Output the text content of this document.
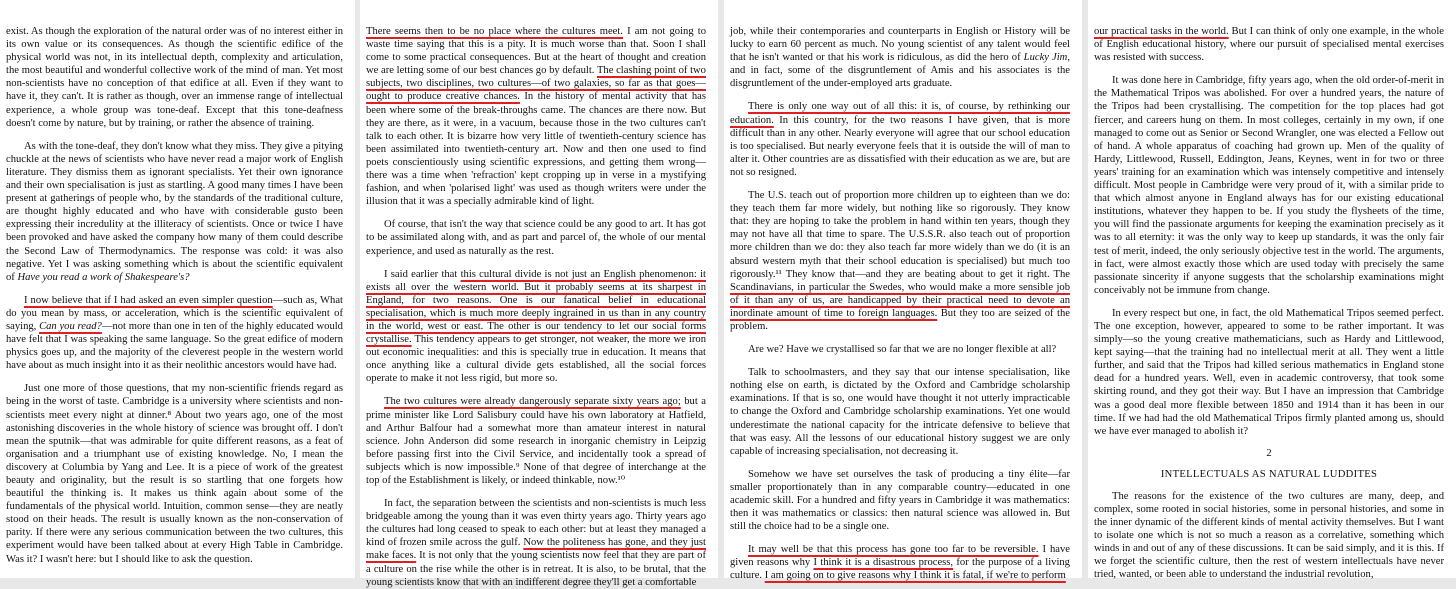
exist. As though the exploration of the natural order was of no interest either in its own value or its consequences. As though the scientific edifice of the physical world was not, in its intellectual depth, complexity and articulation, the most beautiful and wonderful collective work of the mind of man. Yet most non-scientists have no conception of that edifice at all. Even if they want to have it, they can't. It is rather as though, over an immense range of intellectual experience, a whole group was tone-deaf. Except that this tone-deafness doesn't come by nature, but by training, or rather the absence of training.

As with the tone-deaf, they don't know what they miss. They give a pitying chuckle at the news of scientists who have never read a major work of English literature. They dismiss them as ignorant specialists. Yet their own ignorance and their own specialisation is just as startling. A good many times I have been present at gatherings of people who, by the standards of the traditional culture, are thought highly educated and who have with considerable gusto been expressing their incredulity at the illiteracy of scientists. Once or twice I have been provoked and have asked the company how many of them could describe the Second Law of Thermodynamics. The response was cold: it was also negative. Yet I was asking something which is about the scientific equivalent of Have you read a work of Shakespeare's?

I now believe that if I had asked an even simpler question—such as, What do you mean by mass, or acceleration, which is the scientific equivalent of saying, Can you read?—not more than one in ten of the highly educated would have felt that I was speaking the same language. So the great edifice of modern physics goes up, and the majority of the cleverest people in the western world have about as much insight into it as their neolithic ancestors would have had.

Just one more of those questions, that my non-scientific friends regard as being in the worst of taste. Cambridge is a university where scientists and non-scientists meet every night at dinner.⁸ About two years ago, one of the most astonishing discoveries in the whole history of science was brought off. I don't mean the sputnik—that was admirable for quite different reasons, as a feat of organisation and a triumphant use of existing knowledge. No, I mean the discovery at Columbia by Yang and Lee. It is a piece of work of the greatest beauty and originality, but the result is so startling that one forgets how beautiful the thinking is. It makes us think again about some of the fundamentals of the physical world. Intuition, common sense—they are neatly stood on their heads. The result is usually known as the non-conservation of parity. If there were any serious communication between the two cultures, this experiment would have been talked about at every High Table in Cambridge. Was it? I wasn't here: but I should like to ask the question.

There seems then to be no place where the cultures meet. I am not going to waste time saying that this is a pity. It is much worse than that. Soon I shall come to some practical consequences. But at the heart of thought and creation we are letting some of our best chances go by default. The clashing point of two subjects, two disciplines, two cultures—of two galaxies, so far as that goes—ought to produce creative chances. In the history of mental activity that has been where some of the break-throughs came. The chances are there now. But they are there, as it were, in a vacuum, because those in the two cultures can't talk to each other. It is bizarre how very little of twentieth-century science has been assimilated into twentieth-century art. Now and then one used to find poets conscientiously using scientific expressions, and getting them wrong—there was a time when 'refraction' kept cropping up in verse in a mystifying fashion, and when 'polarised light' was used as though writers were under the illusion that it was a specially admirable kind of light.

Of course, that isn't the way that science could be any good to art. It has got to be assimilated along with, and as part and parcel of, the whole of our mental experience, and used as naturally as the rest.

I said earlier that this cultural divide is not just an English phenomenon: it exists all over the western world. But it probably seems at its sharpest in England, for two reasons. One is our fanatical belief in educational specialisation, which is much more deeply ingrained in us than in any country in the world, west or east. The other is our tendency to let our social forms crystallise. This tendency appears to get stronger, not weaker, the more we iron out economic inequalities: and this is specially true in education. It means that once anything like a cultural divide gets established, all the social forces operate to make it not less rigid, but more so.

The two cultures were already dangerously separate sixty years ago; but a prime minister like Lord Salisbury could have his own laboratory at Hatfield, and Arthur Balfour had a somewhat more than amateur interest in natural science. John Anderson did some research in inorganic chemistry in Leipzig before passing first into the Civil Service, and incidentally took a spread of subjects which is now impossible.⁹ None of that degree of interchange at the top of the Establishment is likely, or indeed thinkable, now.¹⁰

In fact, the separation between the scientists and non-scientists is much less bridgeable among the young than it was even thirty years ago. Thirty years ago the cultures had long ceased to speak to each other: but at least they managed a kind of frozen smile across the gulf. Now the politeness has gone, and they just make faces. It is not only that the young scientists now feel that they are part of a culture on the rise while the other is in retreat. It is also, to be brutal, that the young scientists know that with an indifferent degree they'll get a comfortable

job, while their contemporaries and counterparts in English or History will be lucky to earn 60 percent as much. No young scientist of any talent would feel that he isn't wanted or that his work is ridiculous, as did the hero of Lucky Jim, and in fact, some of the disgruntlement of Amis and his associates is the disgruntlement of the under-employed arts graduate.

There is only one way out of all this: it is, of course, by rethinking our education. In this country, for the two reasons I have given, that is more difficult than in any other. Nearly everyone will agree that our school education is too specialised. But nearly everyone feels that it is outside the will of man to alter it. Other countries are as dissatisfied with their education as we are, but are not so resigned.

The U.S. teach out of proportion more children up to eighteen than we do: they teach them far more widely, but nothing like so rigorously. They know that: they are hoping to take the problem in hand within ten years, though they may not have all that time to spare. The U.S.S.R. also teach out of proportion more children than we do: they also teach far more widely than we do (it is an absurd western myth that their school education is specialised) but much too rigorously.¹¹ They know that—and they are beating about to get it right. The Scandinavians, in particular the Swedes, who would make a more sensible job of it than any of us, are handicapped by their practical need to devote an inordinate amount of time to foreign languages. But they too are seized of the problem.

Are we? Have we crystallised so far that we are no longer flexible at all?

Talk to schoolmasters, and they say that our intense specialisation, like nothing else on earth, is dictated by the Oxford and Cambridge scholarship examinations. If that is so, one would have thought it not utterly impracticable to change the Oxford and Cambridge scholarship examinations. Yet one would underestimate the national capacity for the intricate defensive to believe that that was easy. All the lessons of our educational history suggest we are only capable of increasing specialisation, not decreasing it.

Somehow we have set ourselves the task of producing a tiny élite—far smaller proportionately than in any comparable country—educated in one academic skill. For a hundred and fifty years in Cambridge it was mathematics: then it was mathematics or classics: then natural science was allowed in. But still the choice had to be a single one.

It may well be that this process has gone too far to be reversible. I have given reasons why I think it is a disastrous process, for the purpose of a living culture. I am going on to give reasons why I think it is fatal, if we're to perform

our practical tasks in the world. But I can think of only one example, in the whole of English educational history, where our pursuit of specialised mental exercises was resisted with success.

It was done here in Cambridge, fifty years ago, when the old order-of-merit in the Mathematical Tripos was abolished. For over a hundred years, the nature of the Tripos had been crystallising. The competition for the top places had got fiercer, and careers hung on them. In most colleges, certainly in my own, if one managed to come out as Senior or Second Wrangler, one was elected a Fellow out of hand. A whole apparatus of coaching had grown up. Men of the quality of Hardy, Littlewood, Russell, Eddington, Jeans, Keynes, went in for two or three years' training for an examination which was intensely competitive and intensely difficult. Most people in Cambridge were very proud of it, with a similar pride to that which almost anyone in England always has for our existing educational institutions, whatever they happen to be. If you study the flysheets of the time, you will find the passionate arguments for keeping the examination precisely as it was to all eternity: it was the only way to keep up standards, it was the only fair test of merit, indeed, the only seriously objective test in the world. The arguments, in fact, were almost exactly those which are used today with precisely the same passionate sincerity if anyone suggests that the scholarship examinations might conceivably not be immune from change.

In every respect but one, in fact, the old Mathematical Tripos seemed perfect. The one exception, however, appeared to some to be rather important. It was simply—so the young creative mathematicians, such as Hardy and Littlewood, kept saying—that the training had no intellectual merit at all. They went a little further, and said that the Tripos had killed serious mathematics in England stone dead for a hundred years. Well, even in academic controversy, that took some skirting round, and they got their way. But I have an impression that Cambridge was a good deal more flexible between 1850 and 1914 than it has been in our time. If we had had the old Mathematical Tripos firmly planted among us, should we have ever managed to abolish it?

2
INTELLECTUALS AS NATURAL LUDDITES

The reasons for the existence of the two cultures are many, deep, and complex, some rooted in social histories, some in personal histories, and some in the inner dynamic of the different kinds of mental activity themselves. But I want to isolate one which is not so much a reason as a correlative, something which winds in and out of any of these discussions. It can be said simply, and it is this. If we forget the scientific culture, then the rest of western intellectuals have never tried, wanted, or been able to understand the industrial revolution,
